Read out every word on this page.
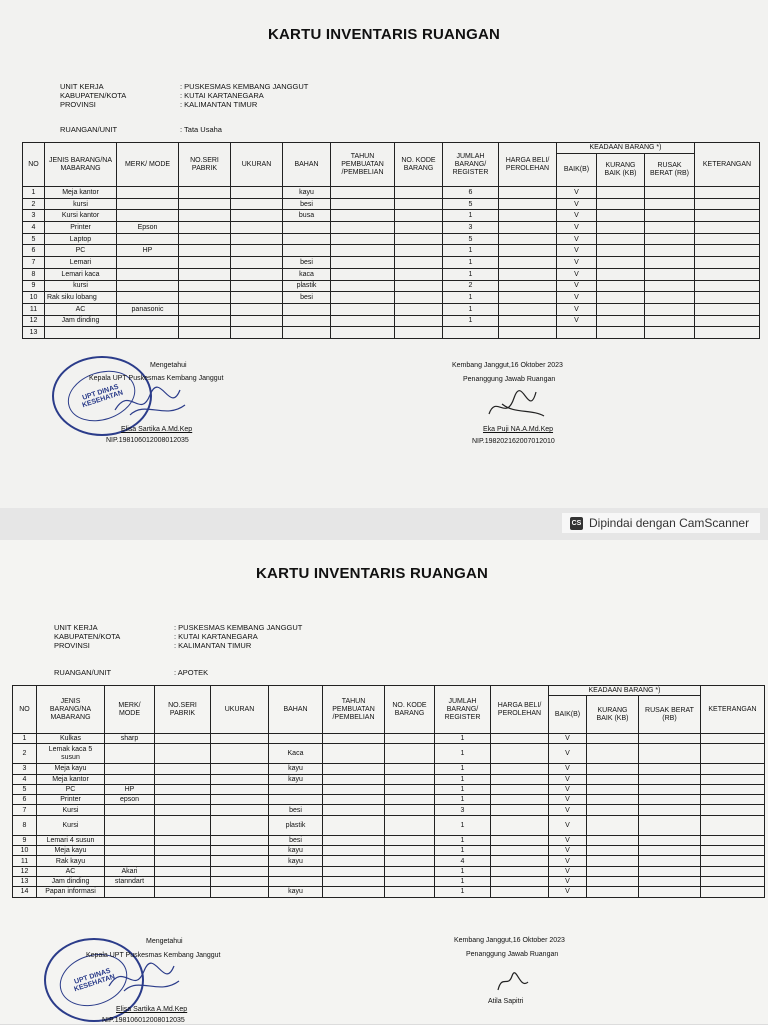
KARTU INVENTARIS RUANGAN
UNIT KERJA	: PUSKESMAS KEMBANG JANGGUT
KABUPATEN/KOTA	: KUTAI KARTANEGARA
PROVINSI	: KALIMANTAN TIMUR
RUANGAN/UNIT	: Tata Usaha
NO	JENIS BARANG/NA MABARANG	MERK/ MODE	NO.SERI PABRIK	UKURAN	BAHAN	TAHUN PEMBUATAN /PEMBELIAN	NO. KODE BARANG	JUMLAH BARANG/ REGISTER	HARGA BELI/ PEROLEHAN	KEADAAN BARANG *)			KETERANGAN
										BAIK(B)	KURANG BAIK (KB)	RUSAK BERAT (RB)	
1	Meja kantor				kayu			6		V			
2	kursi				besi			5		V			
3	Kursi kantor				busa			1		V			
4	Printer	Epson						3		V			
5	Laptop							5		V			
6	PC	HP						1		V			
7	Lemari				besi			1		V			
8	Lemari kaca				kaca			1		V			
9	kursi				plastik			2		V			
10	Rak siku lobang				besi			1		V			
11	AC	panasonic						1		V			
12	Jam dinding							1		V			
13													
UPT DINAS KESEHATAN
Mengetahui
Kepala UPT Puskesmas Kembang Janggut
Elisa Sartika A.Md.Kep
NIP.198106012008012035
Kembang Janggut,16 Oktober 2023
Penanggung Jawab Ruangan
Eka Puji NA.A.Md.Kep
NIP.198202162007012010
CS Dipindai dengan CamScanner
KARTU INVENTARIS RUANGAN
UNIT KERJA	: PUSKESMAS KEMBANG JANGGUT
KABUPATEN/KOTA	: KUTAI KARTANEGARA
PROVINSI	: KALIMANTAN TIMUR
RUANGAN/UNIT	: APOTEK
NO	JENIS BARANG/NA MABARANG	MERK/ MODE	NO.SERI PABRIK	UKURAN	BAHAN	TAHUN PEMBUATAN /PEMBELIAN	NO. KODE BARANG	JUMLAH BARANG/ REGISTER	HARGA BELI/ PEROLEHAN	KEADAAN BARANG *)			KETERANGAN
										BAIK(B)	KURANG BAIK (KB)	RUSAK BERAT (RB)	
1	Kulkas	sharp						1		V			
2	Lemak kaca 5 susun				Kaca			1		V			
3	Meja kayu				kayu			1		V			
4	Meja kantor				kayu			1		V			
5	PC	HP						1		V			
6	Printer	epson						1		V			
7	Kursi				besi			3		V			
8	Kursi				plastik			1		V			
9	Lemari 4 susun				besi			1		V			
10	Meja kayu				kayu			1		V			
11	Rak kayu				kayu			4		V			
12	AC	Akari						1		V			
13	Jam dinding	stanndart						1		V			
14	Papan informasi				kayu			1		V			
UPT DINAS KESEHATAN
Mengetahui
Kepala UPT Puskesmas Kembang Janggut
Elisa Sartika A.Md.Kep
NIP.198106012008012035
Kembang Janggut,16 Oktober 2023
Penanggung Jawab Ruangan
Atila Sapitri
